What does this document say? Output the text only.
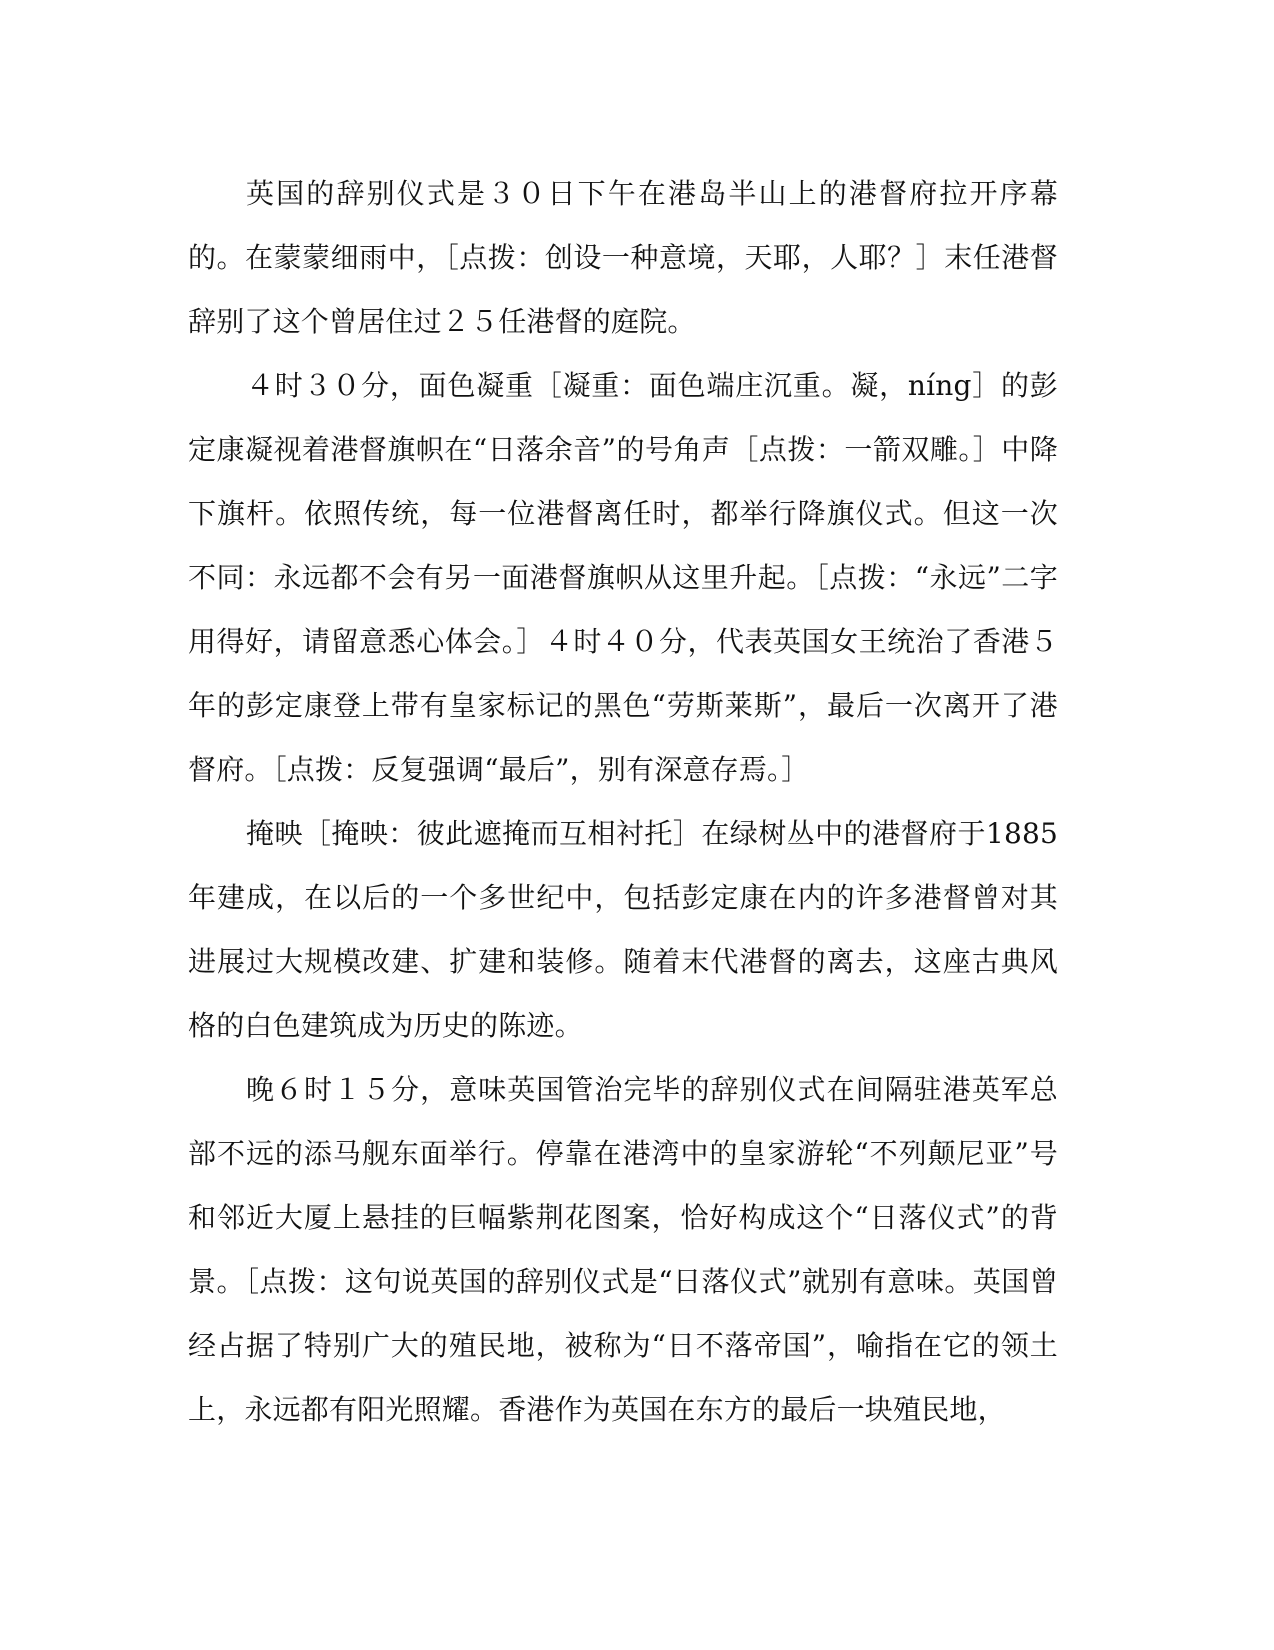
英国的辞别仪式是３０日下午在港岛半山上的港督府拉开序幕的。在蒙蒙细雨中，［点拨：创设一种意境，天耶，人耶？］末任港督辞别了这个曾居住过２５任港督的庭院。

４时３０分，面色凝重［凝重：面色端庄沉重。凝，níng］的彭定康凝视着港督旗帜在“日落余音”的号角声［点拨：一箭双雕。］中降下旗杆。依照传统，每一位港督离任时，都举行降旗仪式。但这一次不同：永远都不会有另一面港督旗帜从这里升起。［点拨：“永远”二字用得好，请留意悉心体会。］４时４０分，代表英国女王统治了香港５年的彭定康登上带有皇家标记的黑色“劳斯莱斯”，最后一次离开了港督府。［点拨：反复强调“最后”，别有深意存焉。］

掩映［掩映：彼此遮掩而互相衬托］在绿树丛中的港督府于1885年建成，在以后的一个多世纪中，包括彭定康在内的许多港督曾对其进展过大规模改建、扩建和装修。随着末代港督的离去，这座古典风格的白色建筑成为历史的陈迹。

晚６时１５分，意味英国管治完毕的辞别仪式在间隔驻港英军总部不远的添马舰东面举行。停靠在港湾中的皇家游轮“不列颠尼亚”号和邻近大厦上悬挂的巨幅紫荆花图案，恰好构成这个“日落仪式”的背景。［点拨：这句说英国的辞别仪式是“日落仪式”就别有意味。英国曾经占据了特别广大的殖民地，被称为“日不落帝国”，喻指在它的领土上，永远都有阳光照耀。香港作为英国在东方的最后一块殖民地，
